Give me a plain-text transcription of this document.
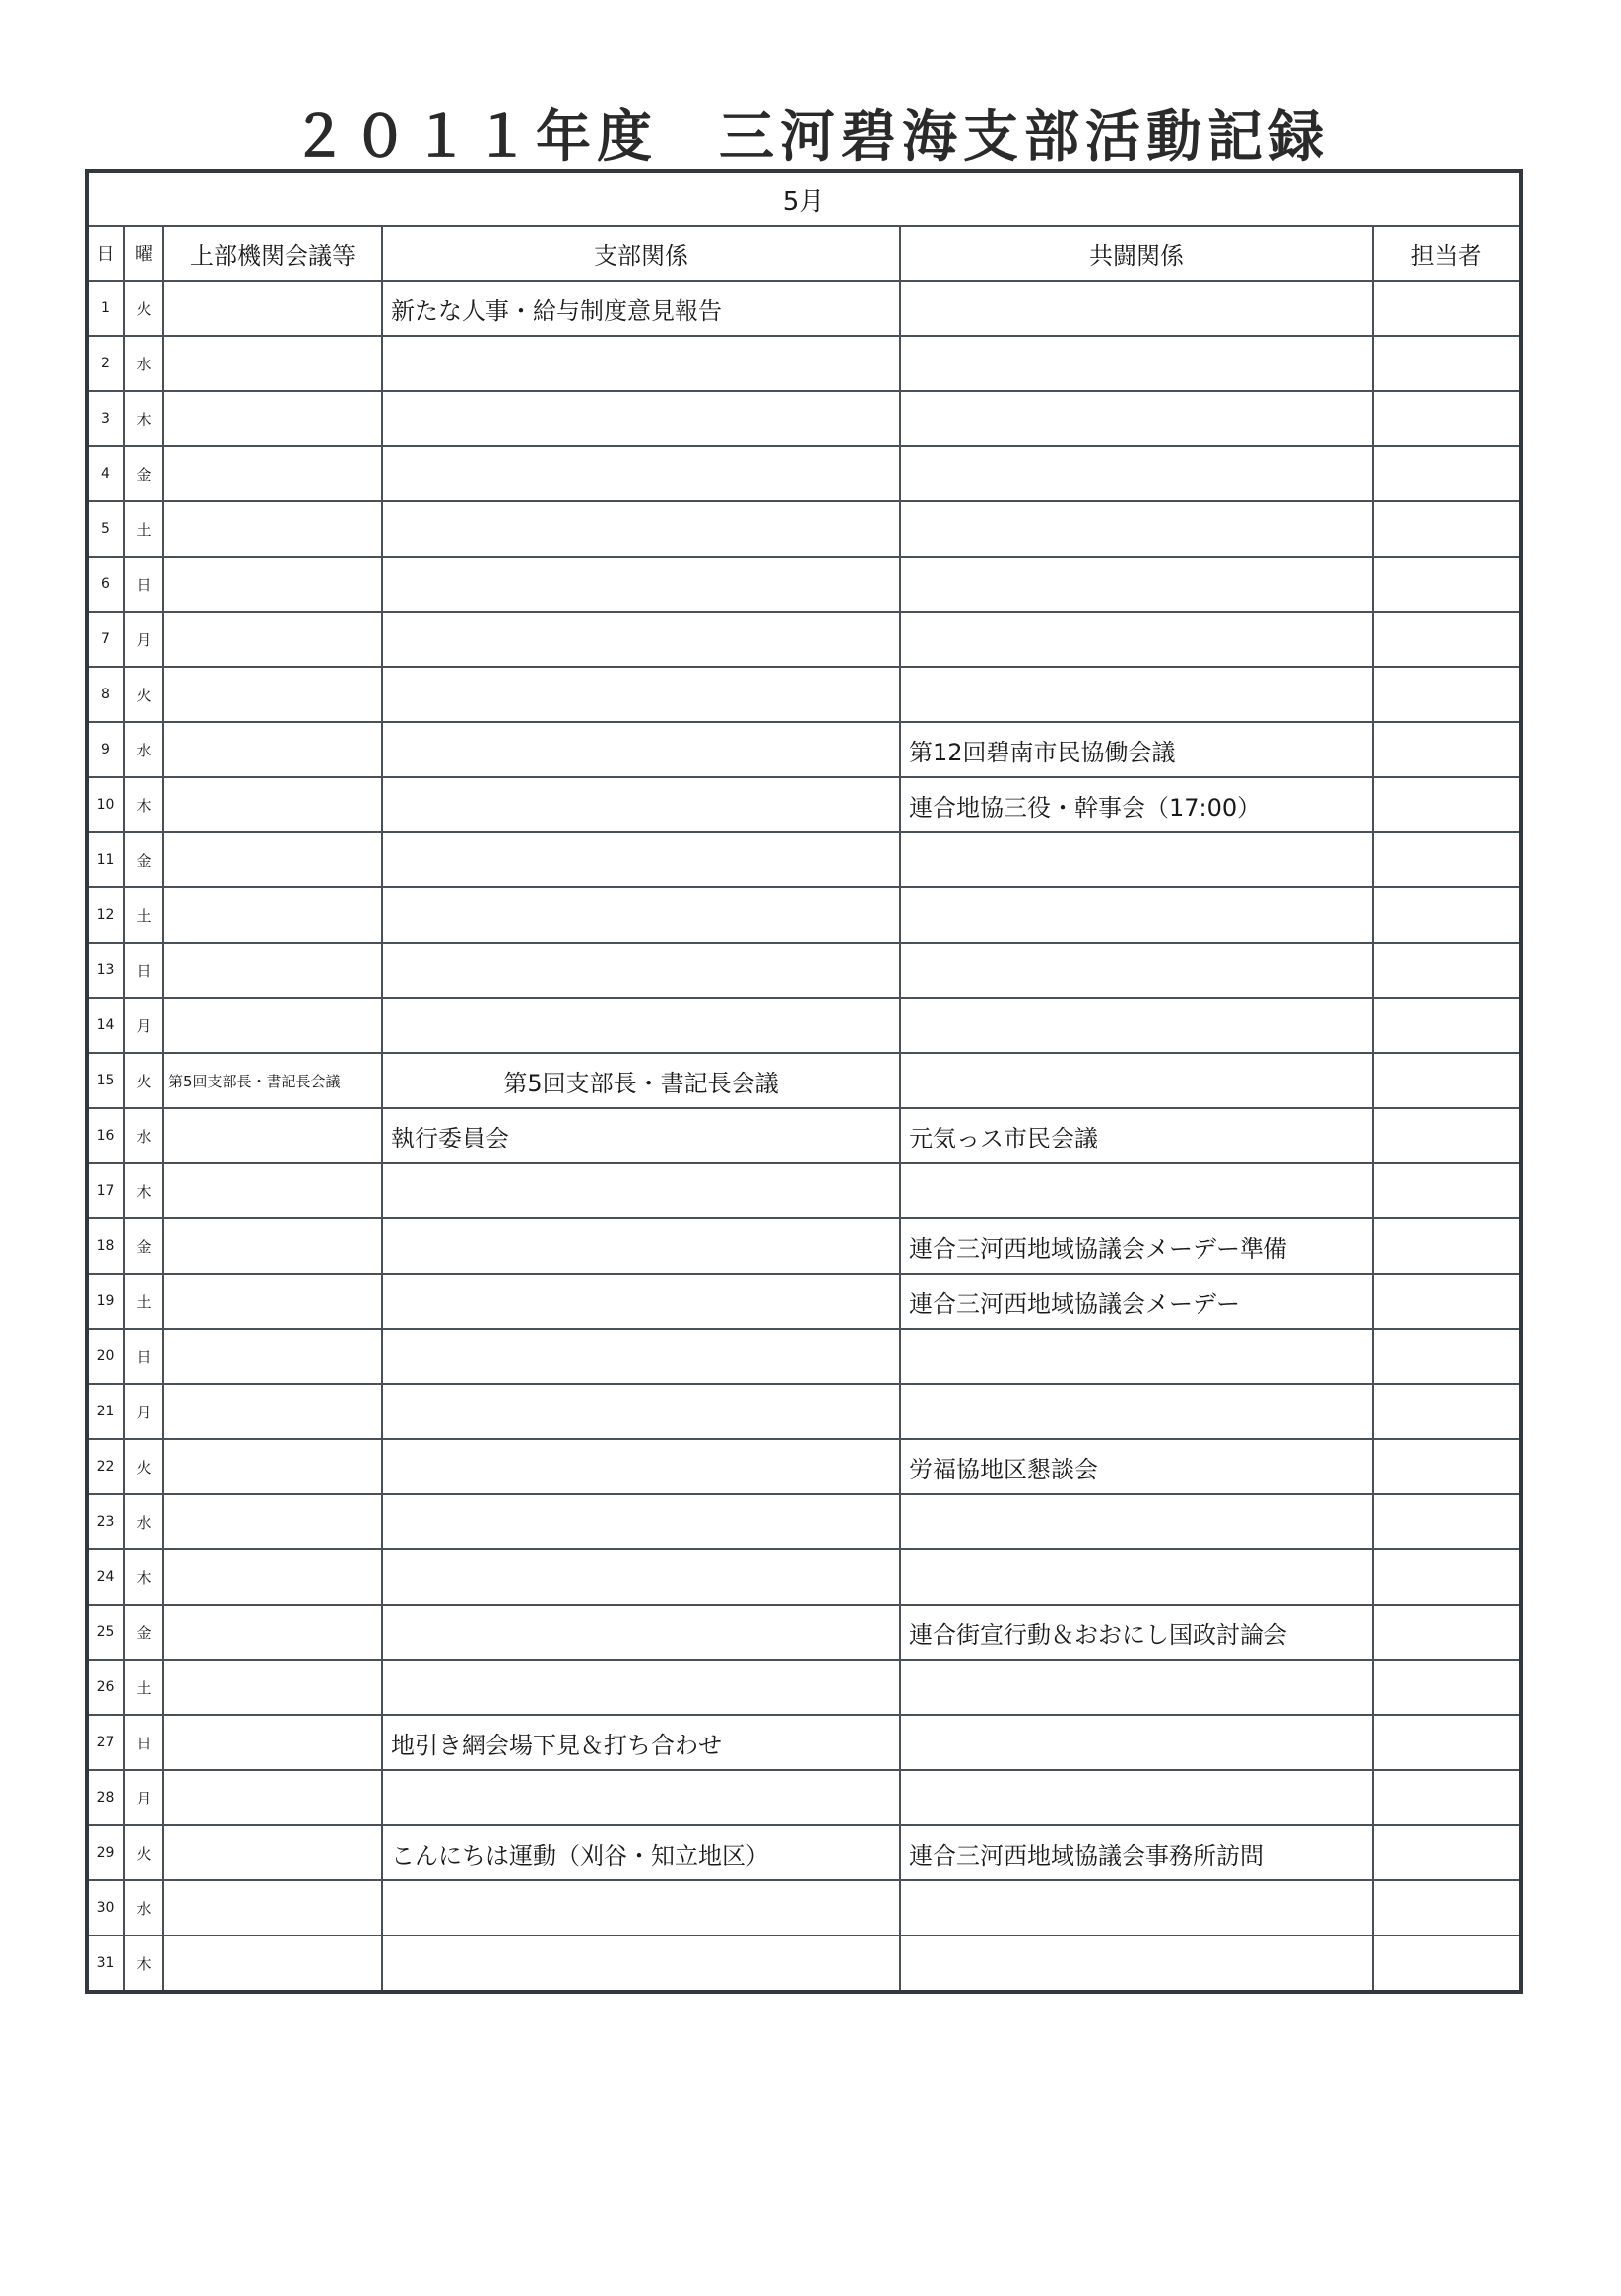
２０１１年度　三河碧海支部活動記録
5月					
日	曜	上部機関会議等	支部関係	共闘関係	担当者
1	火		新たな人事・給与制度意見報告		
2	水				
3	木				
4	金				
5	土				
6	日				
7	月				
8	火				
9	水			第12回碧南市民協働会議	
10	木			連合地協三役・幹事会（17:00）	
11	金				
12	土				
13	日				
14	月				
15	火	第5回支部長・書記長会議	第5回支部長・書記長会議		
16	水		執行委員会	元気っス市民会議	
17	木				
18	金			連合三河西地域協議会メーデー準備	
19	土			連合三河西地域協議会メーデー	
20	日				
21	月				
22	火			労福協地区懇談会	
23	水				
24	木				
25	金			連合街宣行動＆おおにし国政討論会	
26	土				
27	日		地引き網会場下見＆打ち合わせ		
28	月				
29	火		こんにちは運動（刈谷・知立地区）	連合三河西地域協議会事務所訪問	
30	水				
31	木				
